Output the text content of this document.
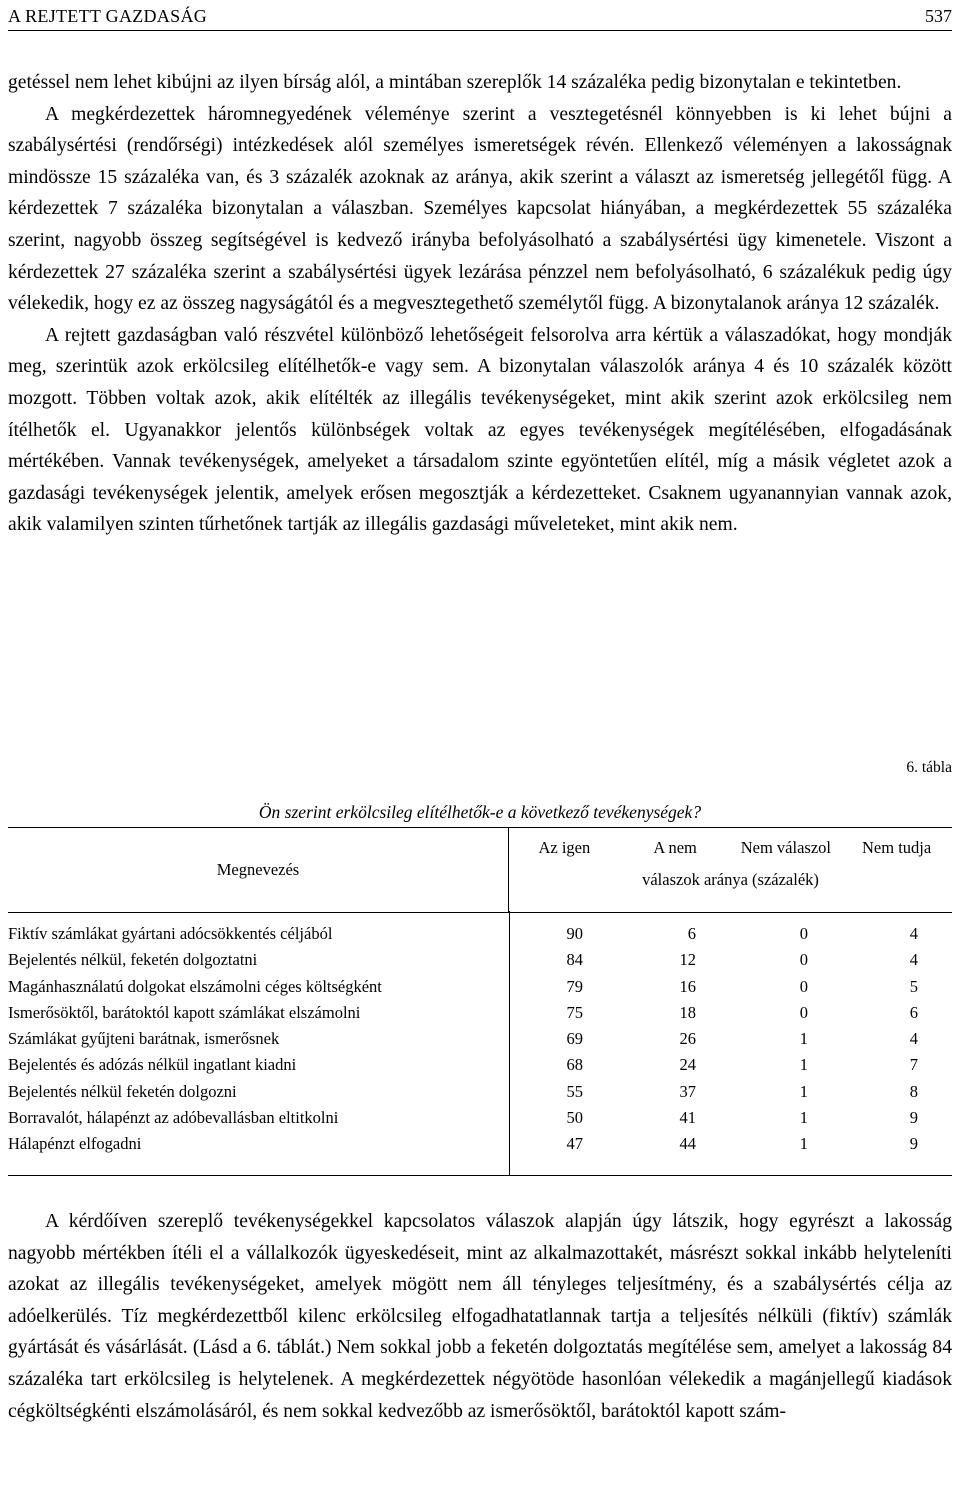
A REJTETT GAZDASÁG	537

getéssel nem lehet kibújni az ilyen bírság alól, a mintában szereplők 14 százaléka pedig bizonytalan e tekintetben.

A megkérdezettek háromnegyedének véleménye szerint a vesztegetésnél könnyebben is ki lehet bújni a szabálysértési (rendőrségi) intézkedések alól személyes ismeretségek révén. Ellenkező véleményen a lakosságnak mindössze 15 százaléka van, és 3 százalék azoknak az aránya, akik szerint a választ az ismeretség jellegétől függ. A kérdezettek 7 százaléka bizonytalan a válaszban. Személyes kapcsolat hiányában, a megkérdezettek 55 százaléka szerint, nagyobb összeg segítségével is kedvező irányba befolyásolható a szabálysértési ügy kimenetele. Viszont a kérdezettek 27 százaléka szerint a szabálysértési ügyek lezárása pénzzel nem befolyásolható, 6 százalékuk pedig úgy vélekedik, hogy ez az összeg nagyságától és a megvesztegethető személytől függ. A bizonytalanok aránya 12 százalék.

A rejtett gazdaságban való részvétel különböző lehetőségeit felsorolva arra kértük a válaszadókat, hogy mondják meg, szerintük azok erkölcsileg elítélhetők-e vagy sem. A bizonytalan válaszolók aránya 4 és 10 százalék között mozgott. Többen voltak azok, akik elítélték az illegális tevékenységeket, mint akik szerint azok erkölcsileg nem ítélhetők el. Ugyanakkor jelentős különbségek voltak az egyes tevékenységek megítélésében, elfogadásának mértékében. Vannak tevékenységek, amelyeket a társadalom szinte egyöntetűen elítél, míg a másik végletet azok a gazdasági tevékenységek jelentik, amelyek erősen megosztják a kérdezetteket. Csaknem ugyanannyian vannak azok, akik valamilyen szinten tűrhetőnek tartják az illegális gazdasági műveleteket, mint akik nem.

6. tábla
Ön szerint erkölcsileg elítélhetők-e a következő tevékenységek?
Megnevezés
Az igen	A nem	Nem válaszol	Nem tudja
válaszok aránya (százalék)
Fiktív számlákat gyártani adócsökkentés céljából	90	6	0	4
Bejelentés nélkül, feketén dolgoztatni	84	12	0	4
Magánhasználatú dolgokat elszámolni céges költségként	79	16	0	5
Ismerősöktől, barátoktól kapott számlákat elszámolni	75	18	0	6
Számlákat gyűjteni barátnak, ismerősnek	69	26	1	4
Bejelentés és adózás nélkül ingatlant kiadni	68	24	1	7
Bejelentés nélkül feketén dolgozni	55	37	1	8
Borravalót, hálapénzt az adóbevallásban eltitkolni	50	41	1	9
Hálapénzt elfogadni	47	44	1	9

A kérdőíven szereplő tevékenységekkel kapcsolatos válaszok alapján úgy látszik, hogy egyrészt a lakosság nagyobb mértékben ítéli el a vállalkozók ügyeskedéseit, mint az alkalmazottakét, másrészt sokkal inkább helyteleníti azokat az illegális tevékenységeket, amelyek mögött nem áll tényleges teljesítmény, és a szabálysértés célja az adóelkerülés. Tíz megkérdezettből kilenc erkölcsileg elfogadhatatlannak tartja a teljesítés nélküli (fiktív) számlák gyártását és vásárlását. (Lásd a 6. táblát.) Nem sokkal jobb a feketén dolgoztatás megítélése sem, amelyet a lakosság 84 százaléka tart erkölcsileg is helytelenek. A megkérdezettek négyötöde hasonlóan vélekedik a magánjellegű kiadások cégköltségkénti elszámolásáról, és nem sokkal kedvezőbb az ismerősöktől, barátoktól kapott szám-
